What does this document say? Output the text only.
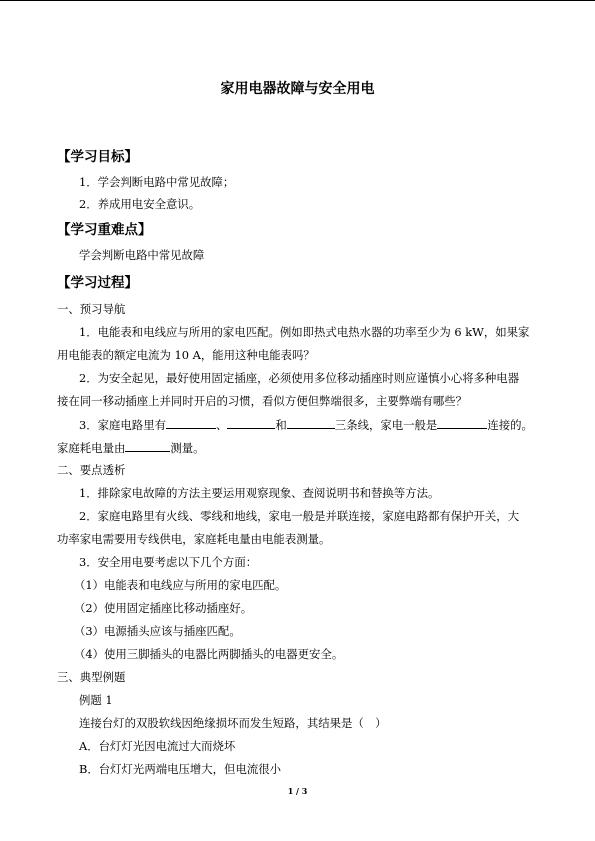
家用电器故障与安全用电
【学习目标】
1．学会判断电路中常见故障；
2．养成用电安全意识。
【学习重难点】
学会判断电路中常见故障
【学习过程】
一、预习导航
1．电能表和电线应与所用的家电匹配。例如即热式电热水器的功率至少为 6 kW，如果家
用电能表的额定电流为 10 A，能用这种电能表吗？
2．为安全起见，最好使用固定插座，必须使用多位移动插座时则应谨慎小心将多种电器
接在同一移动插座上并同时开启的习惯，看似方便但弊端很多，主要弊端有哪些？
3．家庭电路里有	、	和	三条线，家电一般是	连接的。
家庭耗电量由	测量。
二、要点透析
1．排除家电故障的方法主要运用观察现象、查阅说明书和替换等方法。
2．家庭电路里有火线、零线和地线，家电一般是并联连接，家庭电路都有保护开关，大
功率家电需要用专线供电，家庭耗电量由电能表测量。
3．安全用电要考虑以下几个方面：
（1）电能表和电线应与所用的家电匹配。
（2）使用固定插座比移动插座好。
（3）电源插头应该与插座匹配。
（4）使用三脚插头的电器比两脚插头的电器更安全。
三、典型例题
例题 1
连接台灯的双股软线因绝缘损坏而发生短路，其结果是（　）
A．台灯灯光因电流过大而烧坏
B．台灯灯光两端电压增大，但电流很小
1 / 3
